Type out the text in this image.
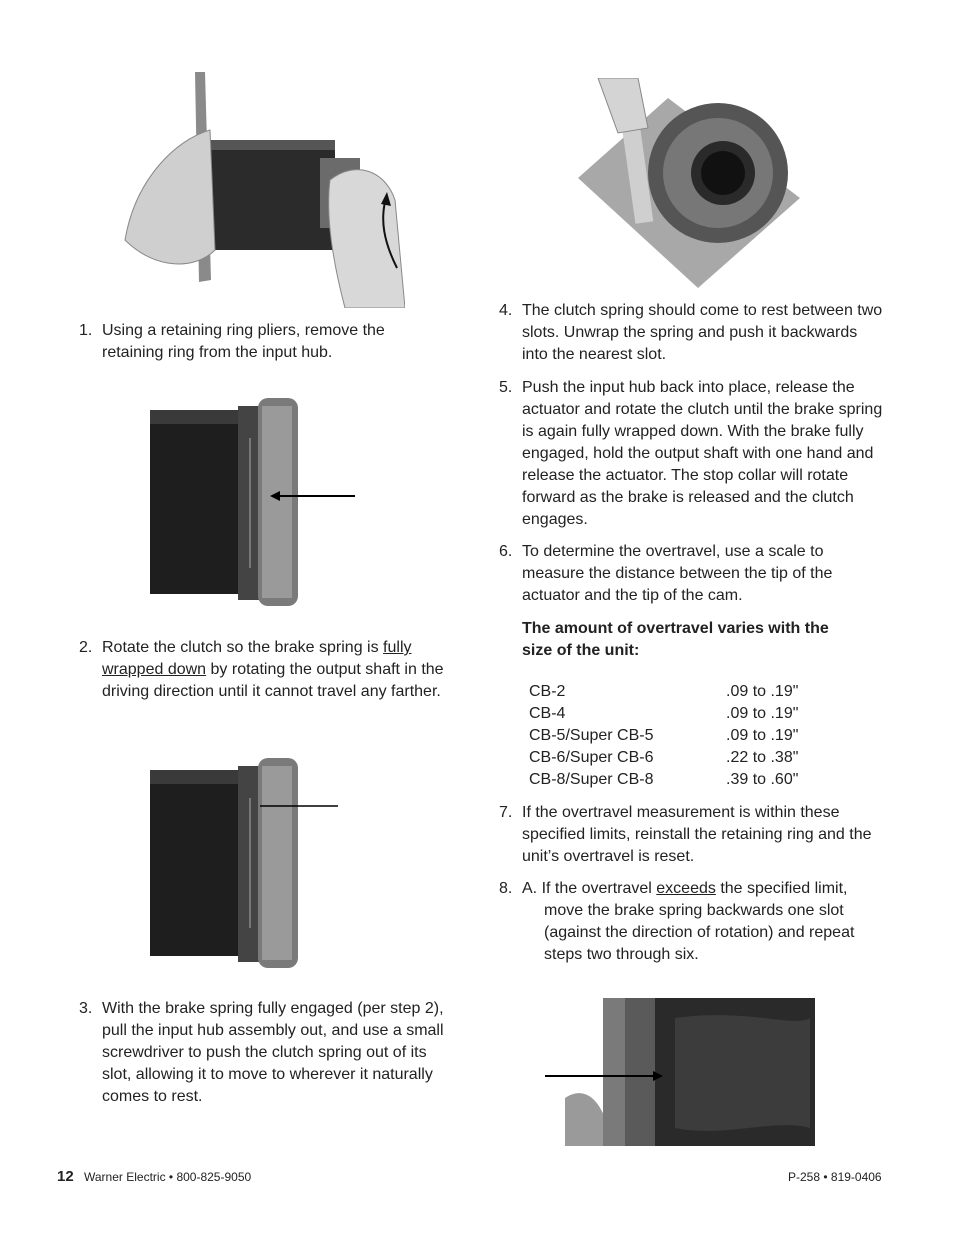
1. Using a retaining ring pliers, remove the retaining ring from the input hub.
2. Rotate the clutch so the brake spring is fully
wrapped down by rotating the output shaft in the driving direction until it cannot travel any farther.
3. With the brake spring fully engaged (per step 2), pull the input hub assembly out, and use a small screwdriver to push the clutch spring out of its slot, allowing it to move to wherever it naturally comes to rest.
4. The clutch spring should come to rest between two slots. Unwrap the spring and push it backwards into the nearest slot.
5. Push the input hub back into place, release the actuator and rotate the clutch until the brake spring is again fully wrapped down. With the brake fully engaged, hold the output shaft with one hand and release the actuator. The stop collar will rotate forward as the brake is released and the clutch engages.
6. To determine the overtravel, use a scale to measure the distance between the tip of the actuator and the tip of the cam.
The amount of overtravel varies with the
size of the unit:
CB-2	.09 to .19"
CB-4	.09 to .19"
CB-5/Super CB-5	.09 to .19"
CB-6/Super CB-6	.22 to .38"
CB-8/Super CB-8	.39 to .60"
7. If the overtravel measurement is within these specified limits, reinstall the retaining ring and the unit’s overtravel is reset.
8. A. If the overtravel exceeds the specified limit,
move the brake spring backwards one slot (against the direction of rotation) and repeat steps two through six.
12 Warner Electric • 800-825-9050	P-258 • 819-0406
